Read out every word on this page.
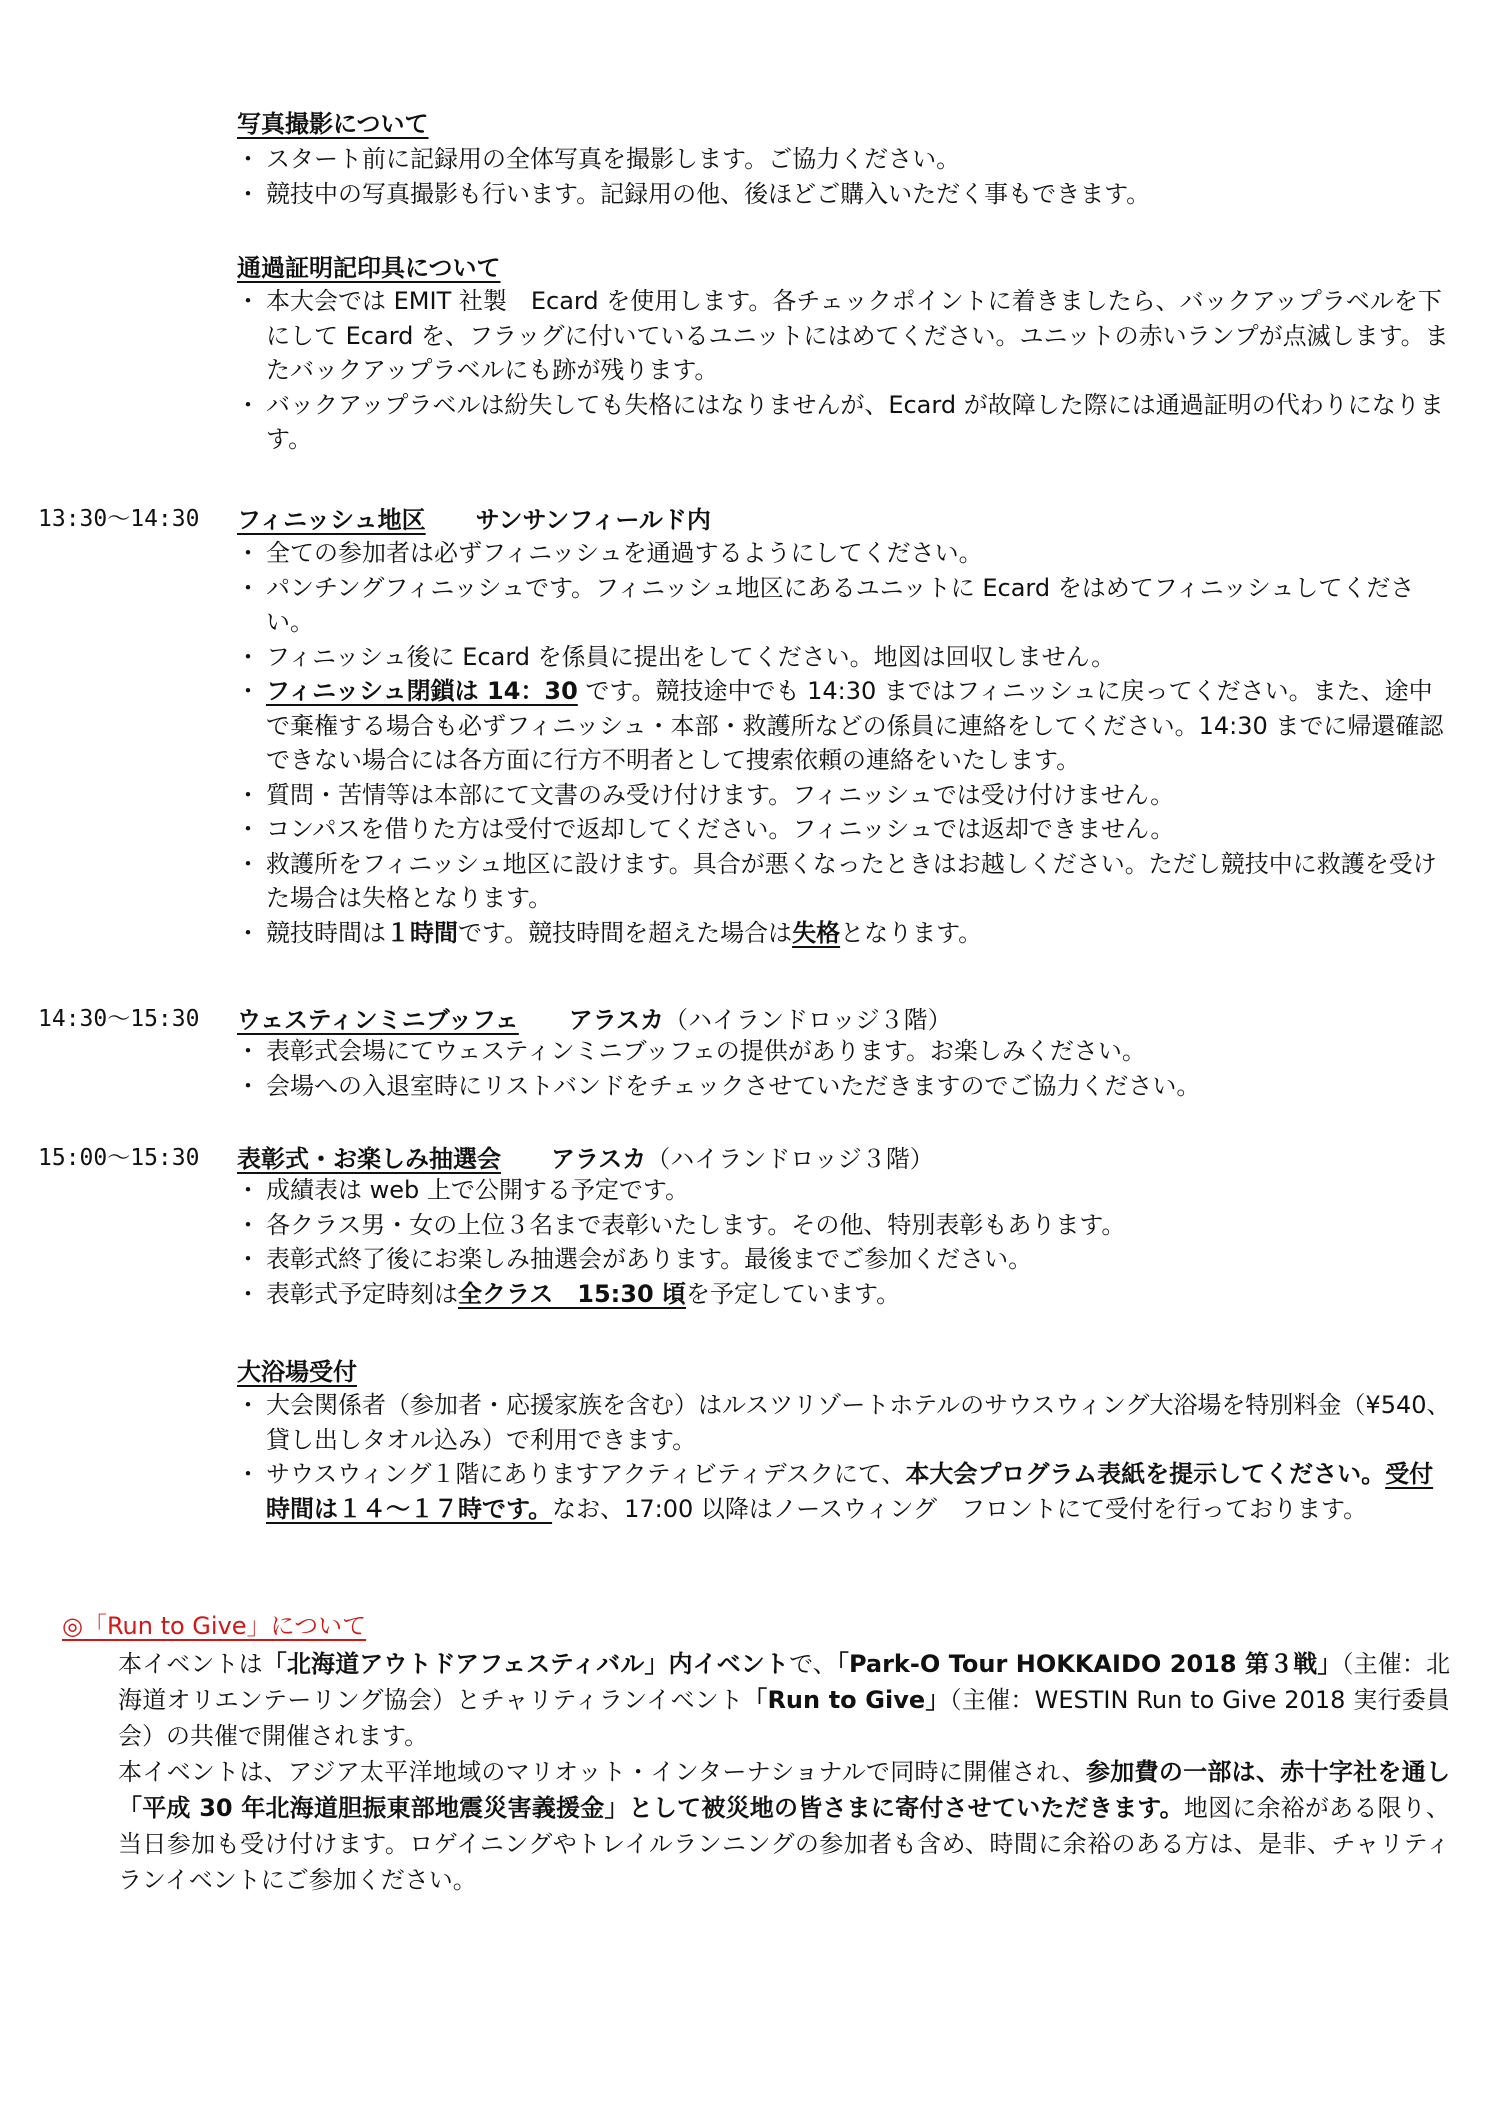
写真撮影について
・ スタート前に記録用の全体写真を撮影します。ご協力ください。
・ 競技中の写真撮影も行います。記録用の他、後ほどご購入いただく事もできます。
通過証明記印具について
・ 本大会では EMIT 社製　Ecard を使用します。各チェックポイントに着きましたら、バックアップラベルを下にして Ecard を、フラッグに付いているユニットにはめてください。ユニットの赤いランプが点滅します。またバックアップラベルにも跡が残ります。
・ バックアップラベルは紛失しても失格にはなりませんが、Ecard が故障した際には通過証明の代わりになります。
13:30～14:30 フィニッシュ地区 サンサンフィールド内
・ 全ての参加者は必ずフィニッシュを通過するようにしてください。
・ パンチングフィニッシュです。フィニッシュ地区にあるユニットに Ecard をはめてフィニッシュしてください。
・ フィニッシュ後に Ecard を係員に提出をしてください。地図は回収しません。
・ フィニッシュ閉鎖は 14：30 です。競技途中でも 14:30 まではフィニッシュに戻ってください。また、途中で棄権する場合も必ずフィニッシュ・本部・救護所などの係員に連絡をしてください。14:30 までに帰還確認できない場合には各方面に行方不明者として捜索依頼の連絡をいたします。
・ 質問・苦情等は本部にて文書のみ受け付けます。フィニッシュでは受け付けません。
・ コンパスを借りた方は受付で返却してください。フィニッシュでは返却できません。
・ 救護所をフィニッシュ地区に設けます。具合が悪くなったときはお越しください。ただし競技中に救護を受けた場合は失格となります。
・ 競技時間は１時間です。競技時間を超えた場合は失格となります。
14:30～15:30 ウェスティンミニブッフェ アラスカ（ハイランドロッジ３階）
・ 表彰式会場にてウェスティンミニブッフェの提供があります。お楽しみください。
・ 会場への入退室時にリストバンドをチェックさせていただきますのでご協力ください。
15:00～15:30 表彰式・お楽しみ抽選会 アラスカ（ハイランドロッジ３階）
・ 成績表は web 上で公開する予定です。
・ 各クラス男・女の上位３名まで表彰いたします。その他、特別表彰もあります。
・ 表彰式終了後にお楽しみ抽選会があります。最後までご参加ください。
・ 表彰式予定時刻は全クラス　15:30 頃を予定しています。
大浴場受付
・ 大会関係者（参加者・応援家族を含む）はルスツリゾートホテルのサウスウィング大浴場を特別料金（¥540、貸し出しタオル込み）で利用できます。
・ サウスウィング１階にありますアクティビティデスクにて、本大会プログラム表紙を提示してください。受付時間は１４～１７時です。なお、17:00 以降はノースウィング　フロントにて受付を行っております。
◎「Run to Give」について

本イベントは「北海道アウトドアフェスティバル」内イベントで、「Park-O Tour HOKKAIDO 2018 第３戦」（主催：北海道オリエンテーリング協会）とチャリティランイベント「Run to Give」（主催：WESTIN Run to Give 2018 実行委員会）の共催で開催されます。

本イベントは、アジア太平洋地域のマリオット・インターナショナルで同時に開催され、参加費の一部は、赤十字社を通し「平成 30 年北海道胆振東部地震災害義援金」として被災地の皆さまに寄付させていただきます。地図に余裕がある限り、当日参加も受け付けます。ロゲイニングやトレイルランニングの参加者も含め、時間に余裕のある方は、是非、チャリティランイベントにご参加ください。
